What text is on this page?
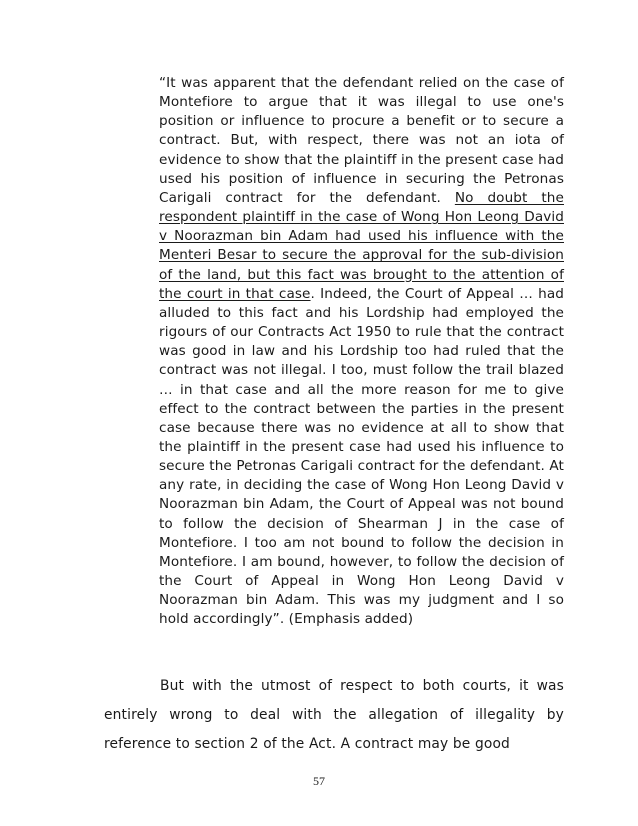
“It was apparent that the defendant relied on the case of Montefiore to argue that it was illegal to use one's position or influence to procure a benefit or to secure a contract. But, with respect, there was not an iota of evidence to show that the plaintiff in the present case had used his position of influence in securing the Petronas Carigali contract for the defendant. No doubt the respondent plaintiff in the case of Wong Hon Leong David v Noorazman bin Adam had used his influence with the Menteri Besar to secure the approval for the sub-division of the land, but this fact was brought to the attention of the court in that case. Indeed, the Court of Appeal … had alluded to this fact and his Lordship had employed the rigours of our Contracts Act 1950 to rule that the contract was good in law and his Lordship too had ruled that the contract was not illegal. I too, must follow the trail blazed … in that case and all the more reason for me to give effect to the contract between the parties in the present case because there was no evidence at all to show that the plaintiff in the present case had used his influence to secure the Petronas Carigali contract for the defendant. At any rate, in deciding the case of Wong Hon Leong David v Noorazman bin Adam, the Court of Appeal was not bound to follow the decision of Shearman J in the case of Montefiore. I too am not bound to follow the decision in Montefiore. I am bound, however, to follow the decision of the Court of Appeal in Wong Hon Leong David v Noorazman bin Adam. This was my judgment and I so hold accordingly”. (Emphasis added)
But with the utmost of respect to both courts, it was entirely wrong to deal with the allegation of illegality by reference to section 2 of the Act. A contract may be good
57
